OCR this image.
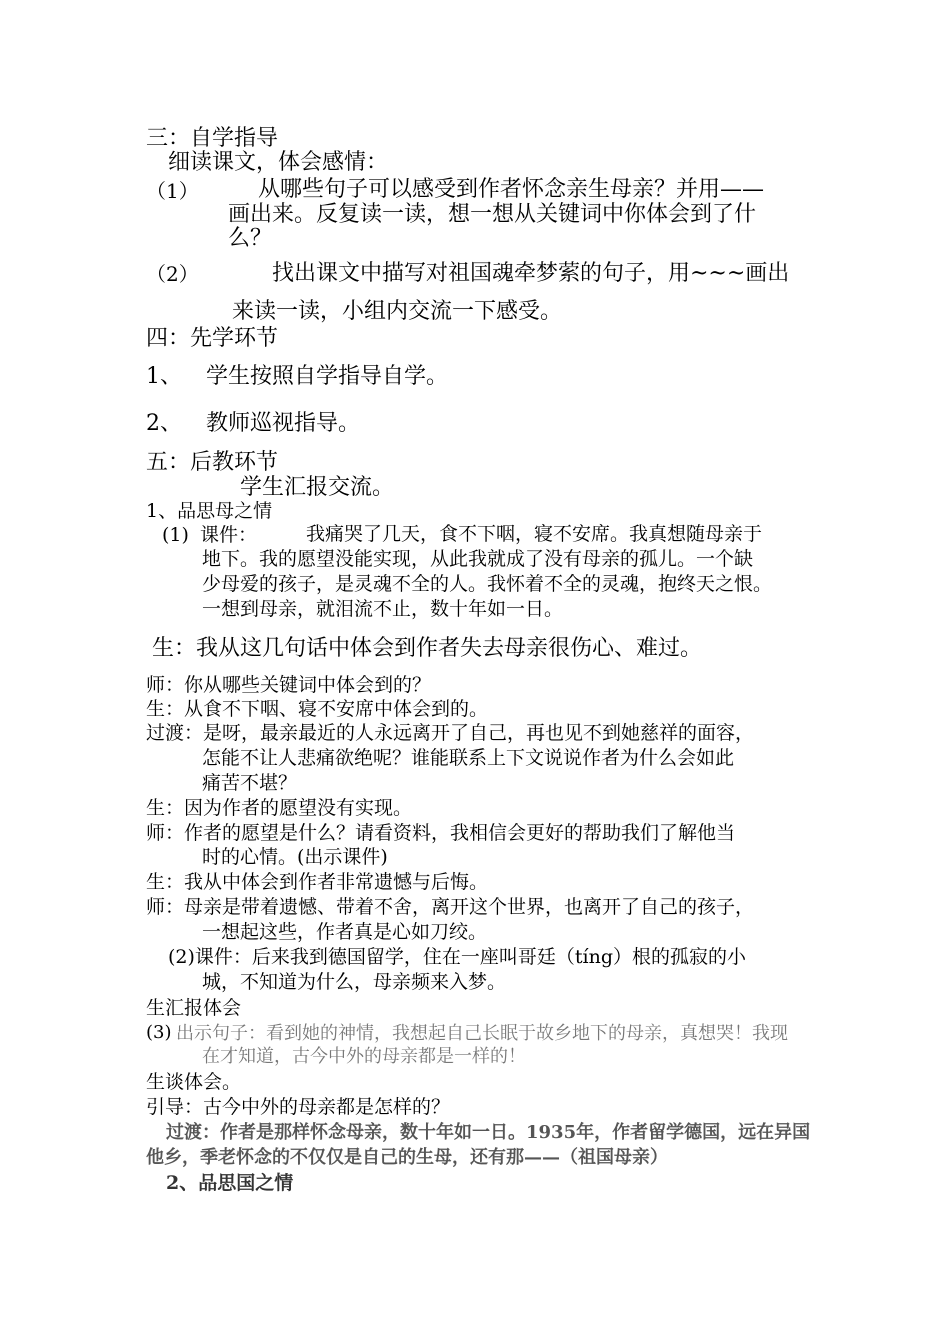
三：自学指导
细读课文，体会感情：
（1）	从哪些句子可以感受到作者怀念亲生母亲？并用——
画出来。反复读一读，想一想从关键词中你体会到了什
么？
（2）	找出课文中描写对祖国魂牵梦萦的句子，用~~~画出
来读一读，小组内交流一下感受。
四：先学环节
1、 学生按照自学指导自学。
2、 教师巡视指导。
五：后教环节
学生汇报交流。
1、品思母之情
(1) 课件：	我痛哭了几天，食不下咽，寝不安席。我真想随母亲于
地下。我的愿望没能实现，从此我就成了没有母亲的孤儿。一个缺
少母爱的孩子，是灵魂不全的人。我怀着不全的灵魂，抱终天之恨。
一想到母亲，就泪流不止，数十年如一日。
生：我从这几句话中体会到作者失去母亲很伤心、难过。
师：你从哪些关键词中体会到的？
生：从食不下咽、寝不安席中体会到的。
过渡：是呀，最亲最近的人永远离开了自己，再也见不到她慈祥的面容，
怎能不让人悲痛欲绝呢？谁能联系上下文说说作者为什么会如此
痛苦不堪？
生：因为作者的愿望没有实现。
师：作者的愿望是什么？请看资料，我相信会更好的帮助我们了解他当
时的心情。(出示课件)
生：我从中体会到作者非常遗憾与后悔。
师：母亲是带着遗憾、带着不舍，离开这个世界，也离开了自己的孩子，
一想起这些，作者真是心如刀绞。
(2)课件：后来我到德国留学，住在一座叫哥廷（tíng）根的孤寂的小
城，不知道为什么，母亲频来入梦。
生汇报体会
(3) 出示句子：看到她的神情，我想起自己长眠于故乡地下的母亲，真想哭！我现
在才知道，古今中外的母亲都是一样的！
生谈体会。
引导：古今中外的母亲都是怎样的？
过渡：作者是那样怀念母亲，数十年如一日。1935年，作者留学德国，远在异国
他乡，季老怀念的不仅仅是自己的生母，还有那——（祖国母亲）
2、品思国之情
